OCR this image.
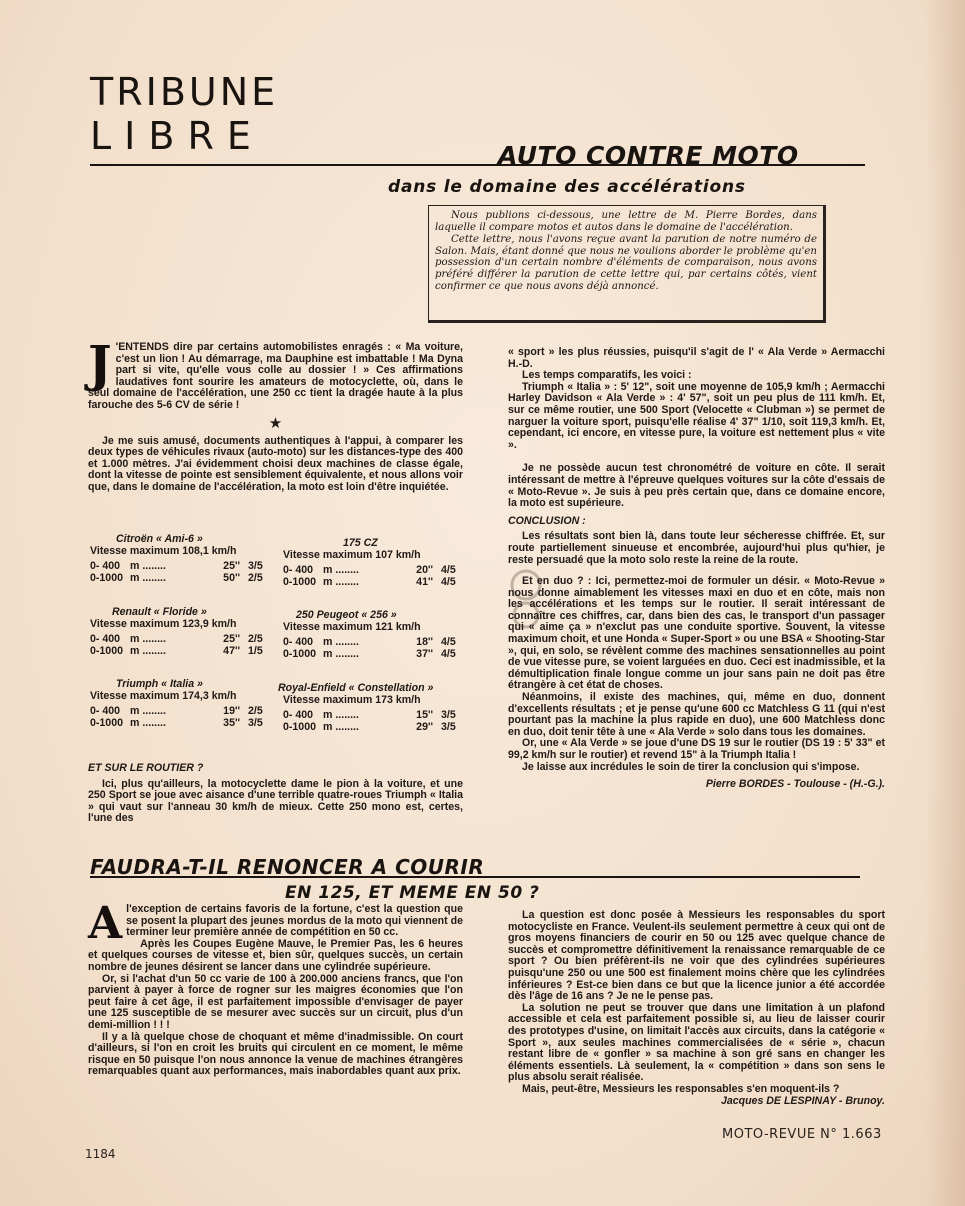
TRIBUNE
LIBRE	AUTO CONTRE MOTO
dans le domaine des accélérations

Nous publions ci-dessous, une lettre de M. Pierre Bordes, dans laquelle il compare motos et autos dans le domaine de l'accélération.

Cette lettre, nous l'avons reçue avant la parution de notre numéro de Salon. Mais, étant donné que nous ne voulions aborder le problème qu'en possession d'un certain nombre d'éléments de comparaison, nous avons préféré différer la parution de cette lettre qui, par certains côtés, vient confirmer ce que nous avons déjà annoncé.

J 'ENTENDS dire par certains automobilistes enragés : « Ma voiture, c'est un lion ! Au démarrage, ma Dauphine est imbattable ! Ma Dyna part si vite, qu'elle vous colle au dossier ! » Ces affirmations laudatives font sourire les amateurs de motocyclette, où, dans le seul domaine de l'accélération, une 250 cc tient la dragée haute à la plus farouche des 5-6 CV de série !

★

Je me suis amusé, documents authentiques à l'appui, à comparer les deux types de véhicules rivaux (auto-moto) sur les distances-type des 400 et 1.000 mètres. J'ai évidemment choisi deux machines de classe égale, dont la vitesse de pointe est sensiblement équivalente, et nous allons voir que, dans le domaine de l'accélération, la moto est loin d'être inquiétée.

Citroën « Ami-6 »
Vitesse maximum 108,1 km/h
0- 400 m ........	25'' 3/5
0-1000 m ........	50'' 2/5
175 CZ
Vitesse maximum 107 km/h
0- 400 m ........	20'' 4/5
0-1000 m ........	41'' 4/5
Renault « Floride »
Vitesse maximum 123,9 km/h
0- 400 m ........	25'' 2/5
0-1000 m ........	47'' 1/5
250 Peugeot « 256 »
Vitesse maximum 121 km/h
0- 400 m ........	18'' 4/5
0-1000 m ........	37'' 4/5
Triumph « Italia »
Vitesse maximum 174,3 km/h
0- 400 m ........	19'' 2/5
0-1000 m ........	35'' 3/5
Royal-Enfield « Constellation »
Vitesse maximum 173 km/h
0- 400 m ........	15'' 3/5
0-1000 m ........	29'' 3/5
ET SUR LE ROUTIER ?

Ici, plus qu'ailleurs, la motocyclette dame le pion à la voiture, et une 250 Sport se joue avec aisance d'une terrible quatre-roues Triumph « Italia » qui vaut sur l'anneau 30 km/h de mieux. Cette 250 mono est, certes, l'une des

« sport » les plus réussies, puisqu'il s'agit de l' « Ala Verde » Aermacchi H.-D.

Les temps comparatifs, les voici :

Triumph « Italia » : 5' 12", soit une moyenne de 105,9 km/h ; Aermacchi Harley Davidson « Ala Verde » : 4' 57", soit un peu plus de 111 km/h. Et, sur ce même routier, une 500 Sport (Velocette « Clubman ») se permet de narguer la voiture sport, puisqu'elle réalise 4' 37" 1/10, soit 119,3 km/h. Et, cependant, ici encore, en vitesse pure, la voiture est nettement plus « vite ».

Je ne possède aucun test chronométré de voiture en côte. Il serait intéressant de mettre à l'épreuve quelques voitures sur la côte d'essais de « Moto-Revue ». Je suis à peu près certain que, dans ce domaine encore, la moto est supérieure.

CONCLUSION :

Les résultats sont bien là, dans toute leur sécheresse chiffrée. Et, sur route partiellement sinueuse et encombrée, aujourd'hui plus qu'hier, je reste persuadé que la moto solo reste la reine de la route.

Et en duo ? : Ici, permettez-moi de formuler un désir. « Moto-Revue » nous donne aimablement les vitesses maxi en duo et en côte, mais non les accélérations et les temps sur le routier. Il serait intéressant de connaître ces chiffres, car, dans bien des cas, le transport d'un passager qui « aime ça » n'exclut pas une conduite sportive. Souvent, la vitesse maximum choit, et une Honda « Super-Sport » ou une BSA « Shooting-Star », qui, en solo, se révèlent comme des machines sensationnelles au point de vue vitesse pure, se voient larguées en duo. Ceci est inadmissible, et la démultiplication finale longue comme un jour sans pain ne doit pas être étrangère à cet état de choses.

Néanmoins, il existe des machines, qui, même en duo, donnent d'excellents résultats ; et je pense qu'une 600 cc Matchless G 11 (qui n'est pourtant pas la machine la plus rapide en duo), une 600 Matchless donc en duo, doit tenir tête à une « Ala Verde » solo dans tous les domaines.

Or, une « Ala Verde » se joue d'une DS 19 sur le routier (DS 19 : 5' 33" et 99,2 km/h sur le routier) et revend 15" à la Triumph Italia !

Je laisse aux incrédules le soin de tirer la conclusion qui s'impose.

Pierre BORDES - Toulouse - (H.-G.).
FAUDRA-T-IL RENONCER A COURIR
EN 125, ET MEME EN 50 ?

Al'exception de certains favoris de la fortune, c'est la question que se posent la plupart des jeunes mordus de la moto qui viennent de terminer leur première année de compétition en 50 cc.

Après les Coupes Eugène Mauve, le Premier Pas, les 6 heures et quelques courses de vitesse et, bien sûr, quelques succès, un certain nombre de jeunes désirent se lancer dans une cylindrée supérieure.

Or, si l'achat d'un 50 cc varie de 100 à 200.000 anciens francs, que l'on parvient à payer à force de rogner sur les maigres économies que l'on peut faire à cet âge, il est parfaitement impossible d'envisager de payer une 125 susceptible de se mesurer avec succès sur un circuit, plus d'un demi-million ! ! !

Il y a là quelque chose de choquant et même d'inadmissible. On court d'ailleurs, si l'on en croit les bruits qui circulent en ce moment, le même risque en 50 puisque l'on nous annonce la venue de machines étrangères remarquables quant aux performances, mais inabordables quant aux prix.

La question est donc posée à Messieurs les responsables du sport motocycliste en France. Veulent-ils seulement permettre à ceux qui ont de gros moyens financiers de courir en 50 ou 125 avec quelque chance de succès et compromettre définitivement la renaissance remarquable de ce sport ? Ou bien préfèrent-ils ne voir que des cylindrées supérieures puisqu'une 250 ou une 500 est finalement moins chère que les cylindrées inférieures ? Est-ce bien dans ce but que la licence junior a été accordée dès l'âge de 16 ans ? Je ne le pense pas.

La solution ne peut se trouver que dans une limitation à un plafond accessible et cela est parfaitement possible si, au lieu de laisser courir des prototypes d'usine, on limitait l'accès aux circuits, dans la catégorie « Sport », aux seules machines commercialisées de « série », chacun restant libre de « gonfler » sa machine à son gré sans en changer les éléments essentiels. Là seulement, la « compétition » dans son sens le plus absolu serait réalisée.

Mais, peut-être, Messieurs les responsables s'en moquent-ils ?

Jacques DE LESPINAY - Brunoy.
1184
MOTO-REVUE N° 1.663
